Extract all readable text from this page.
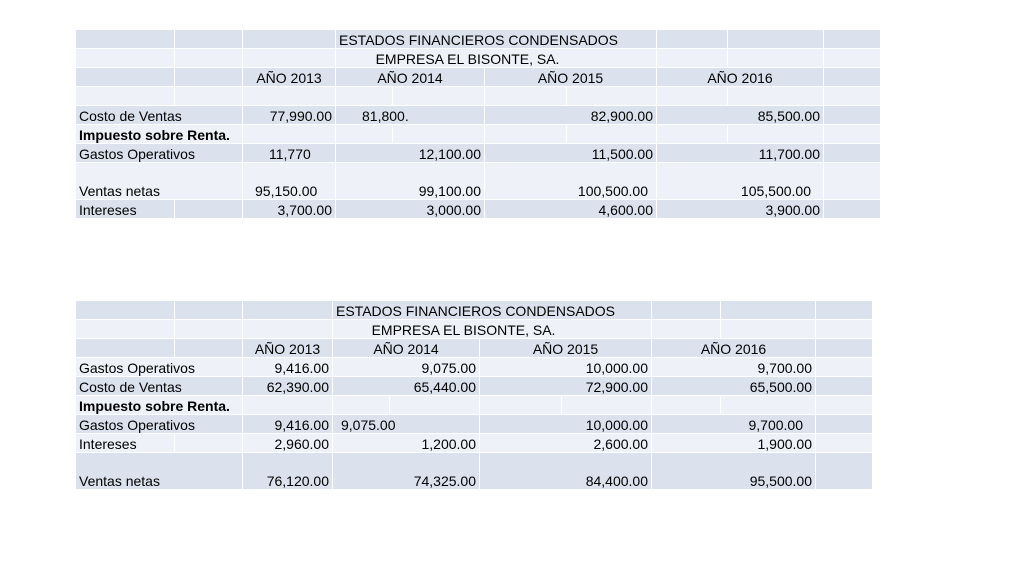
			ESTADOS FINANCIEROS CONDENSADOS						
			EMPRESA EL BISONTE, SA.						
		AÑO 2013	AÑO 2014		AÑO 2015		AÑO 2016		

Costo de Ventas		77,990.00	81,800.		82,900.00		85,500.00		
Impuesto sobre Renta.									
Gastos Operativos		11,770	12,100.00		11,500.00		11,700.00		
Ventas netas		95,150.00	99,100.00		100,500.00		105,500.00		
Intereses		3,700.00	3,000.00		4,600.00		3,900.00		
			ESTADOS FINANCIEROS CONDENSADOS						
			EMPRESA EL BISONTE, SA.						
		AÑO 2013	AÑO 2014		AÑO 2015		AÑO 2016		
Gastos Operativos		9,416.00	9,075.00		10,000.00		9,700.00		
Costo de Ventas		62,390.00	65,440.00		72,900.00		65,500.00		
Impuesto sobre Renta.									
Gastos Operativos		9,416.00	9,075.00		10,000.00		9,700.00		
Intereses		2,960.00	1,200.00		2,600.00		1,900.00		
Ventas netas		76,120.00	74,325.00		84,400.00		95,500.00		
